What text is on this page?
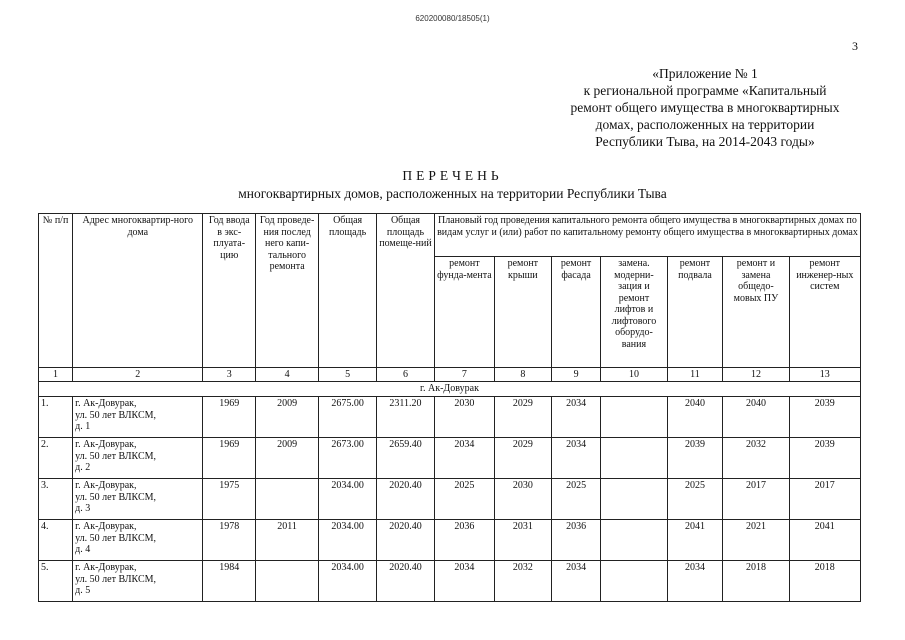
620200080/18505(1)
3
«Приложение № 1
к региональной программе «Капитальный
ремонт общего имущества в многоквартирных
домах, расположенных на территории
Республики Тыва, на 2014-2043 годы»
ПЕРЕЧЕНЬ
многоквартирных домов, расположенных на территории Республики Тыва
№ п/п	Адрес многоквартир-ного дома	Год ввода в экс-плуата-цию	Год проведе-ния послед него капи-тального ремонта	Общая площадь	Общая площадь помеще-ний	Плановый год проведения капитального ремонта общего имущества в многоквартирных домах по видам услуг и (или) работ по капитальному ремонту общего имущества в многоквартирных домах						
						ремонт фунда-мента	ремонт крыши	ремонт фасада	замена. модерни-зация и ремонт лифтов и лифтового оборудо-вания	ремонт подвала	ремонт и замена общедо-мовых ПУ	ремонт инженер-ных систем
1	2	3	4	5	6	7	8	9	10	11	12	13
г. Ак-Довурак												
1.	г. Ак-Довурак,
ул. 50 лет ВЛКСМ,
д. 1	1969	2009	2675.00	2311.20	2030	2029	2034		2040	2040	2039
2.	г. Ак-Довурак,
ул. 50 лет ВЛКСМ,
д. 2	1969	2009	2673.00	2659.40	2034	2029	2034		2039	2032	2039
3.	г. Ак-Довурак,
ул. 50 лет ВЛКСМ,
д. 3	1975		2034.00	2020.40	2025	2030	2025		2025	2017	2017
4.	г. Ак-Довурак,
ул. 50 лет ВЛКСМ,
д. 4	1978	2011	2034.00	2020.40	2036	2031	2036		2041	2021	2041
5.	г. Ак-Довурак,
ул. 50 лет ВЛКСМ,
д. 5	1984		2034.00	2020.40	2034	2032	2034		2034	2018	2018
